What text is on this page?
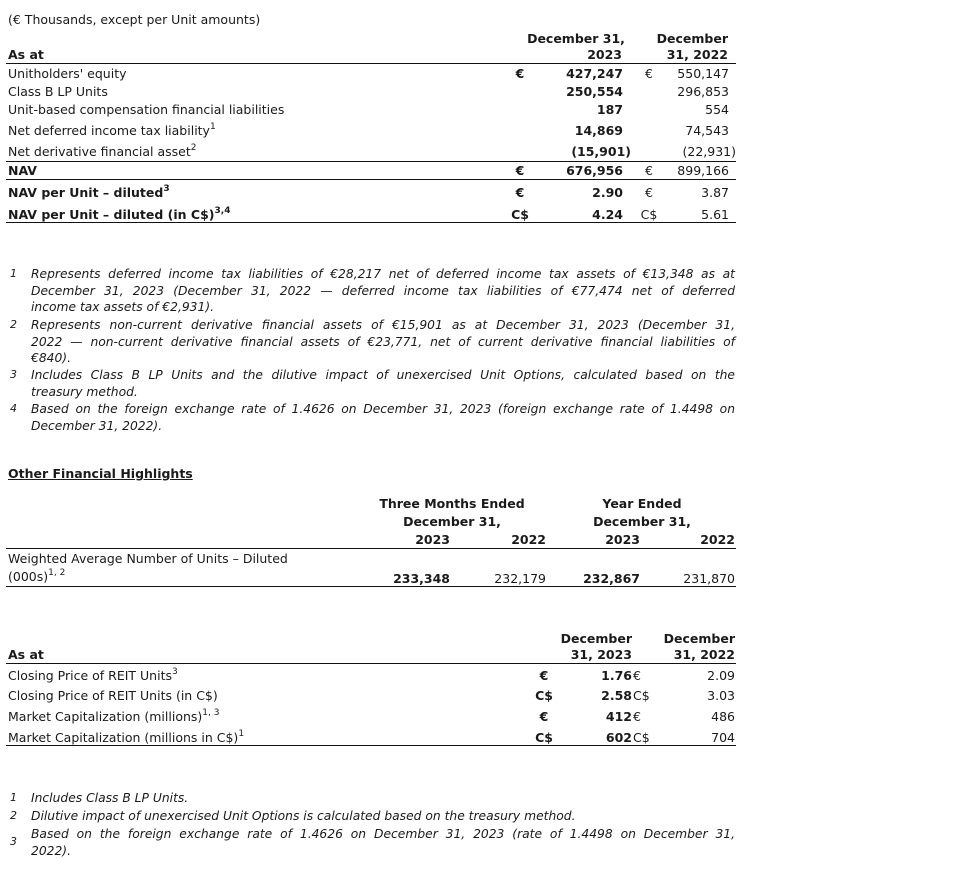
(€ Thousands, except per Unit amounts)
December 31,
2023
December
31, 2022
As at
Unitholders' equity	€	427,247	€	550,147
Class B LP Units	250,554	296,853
Unit-based compensation financial liabilities	187	554
Net deferred income tax liability$^1$	14,869	74,543
Net derivative financial asset$^2$	(15,901)	(22,931)
NAV	€	676,956	€	899,166
NAV per Unit – diluted$^3$	€	2.90	€	3.87
NAV per Unit – diluted (in C$)$^{3,4}$	C$	4.24 C$	5.61
1 Represents deferred income tax liabilities of €28,217 net of deferred income tax assets of €13,348 as at
December 31, 2023 (December 31, 2022 — deferred income tax liabilities of €77,474 net of deferred
income tax assets of €2,931).
2 Represents non-current derivative financial assets of €15,901 as at December 31, 2023 (December 31,
2022 — non-current derivative financial assets of €23,771, net of current derivative financial liabilities of
€840).
3 Includes Class B LP Units and the dilutive impact of unexercised Unit Options, calculated based on the
treasury method.
4 Based on the foreign exchange rate of 1.4626 on December 31, 2023 (foreign exchange rate of 1.4498 on
December 31, 2022).
Other Financial Highlights
Three Months Ended
December 31,
Year Ended
December 31,
2023	2022	2023	2022
Weighted Average Number of Units – Diluted
$(000s)^{1, 2}$	233,348	232,179	232,867	231,870
December
31, 2023
December
31, 2022
As at
Closing Price of REIT Units$^3$	€	1.76 €	2.09
Closing Price of REIT Units (in C$)	C$	2.58 C$	3.03
Market Capitalization (millions)$^{1, 3}$	€	412 €	486
Market Capitalization (millions in C$)$^1$	C$	602 C$	704
1 Includes Class B LP Units.
2 Dilutive impact of unexercised Unit Options is calculated based on the treasury method.
3
Based on the foreign exchange rate of 1.4626 on December 31, 2023 (rate of 1.4498 on December 31,
2022).
